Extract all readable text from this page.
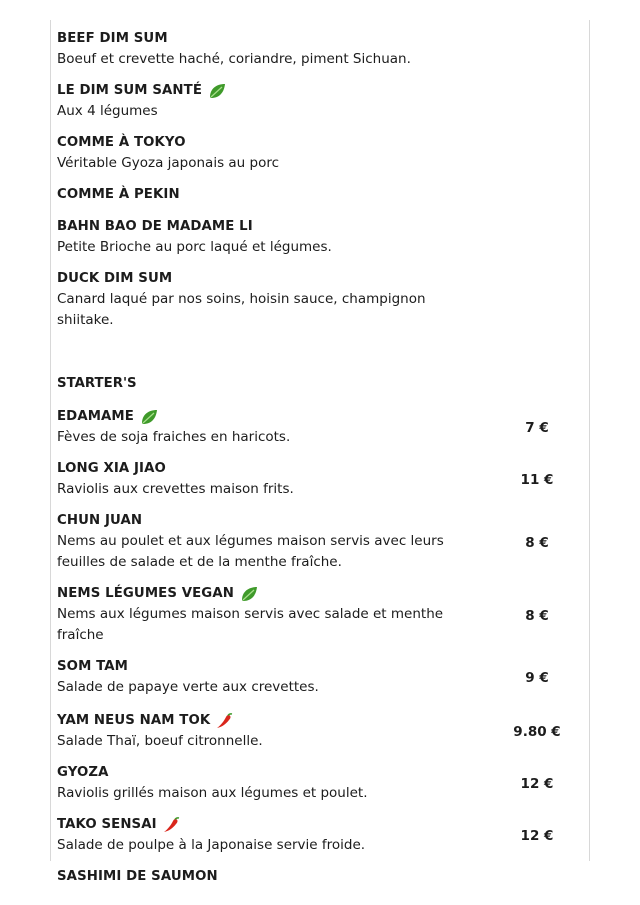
BEEF DIM SUM
Boeuf et crevette haché, coriandre, piment Sichuan.
LE DIM SUM SANTÉ
Aux 4 légumes
COMME À TOKYO
Véritable Gyoza japonais au porc
COMME À PEKIN
BAHN BAO DE MADAME LI
Petite Brioche au porc laqué et légumes.
DUCK DIM SUM
Canard laqué par nos soins, hoisin sauce, champignon shiitake.
STARTER'S
EDAMAME
Fèves de soja fraiches en haricots.
7 €
LONG XIA JIAO
Raviolis aux crevettes maison frits.
11 €
CHUN JUAN
Nems au poulet et aux légumes maison servis avec leurs feuilles de salade et de la menthe fraîche.
8 €
NEMS LÉGUMES VEGAN
Nems aux légumes maison servis avec salade et menthe fraîche
8 €
SOM TAM
Salade de papaye verte aux crevettes.
9 €
YAM NEUS NAM TOK
Salade Thaï, boeuf citronnelle.
9.80 €
GYOZA
Raviolis grillés maison aux légumes et poulet.
12 €
TAKO SENSAI
Salade de poulpe à la Japonaise servie froide.
12 €
SASHIMI DE SAUMON
